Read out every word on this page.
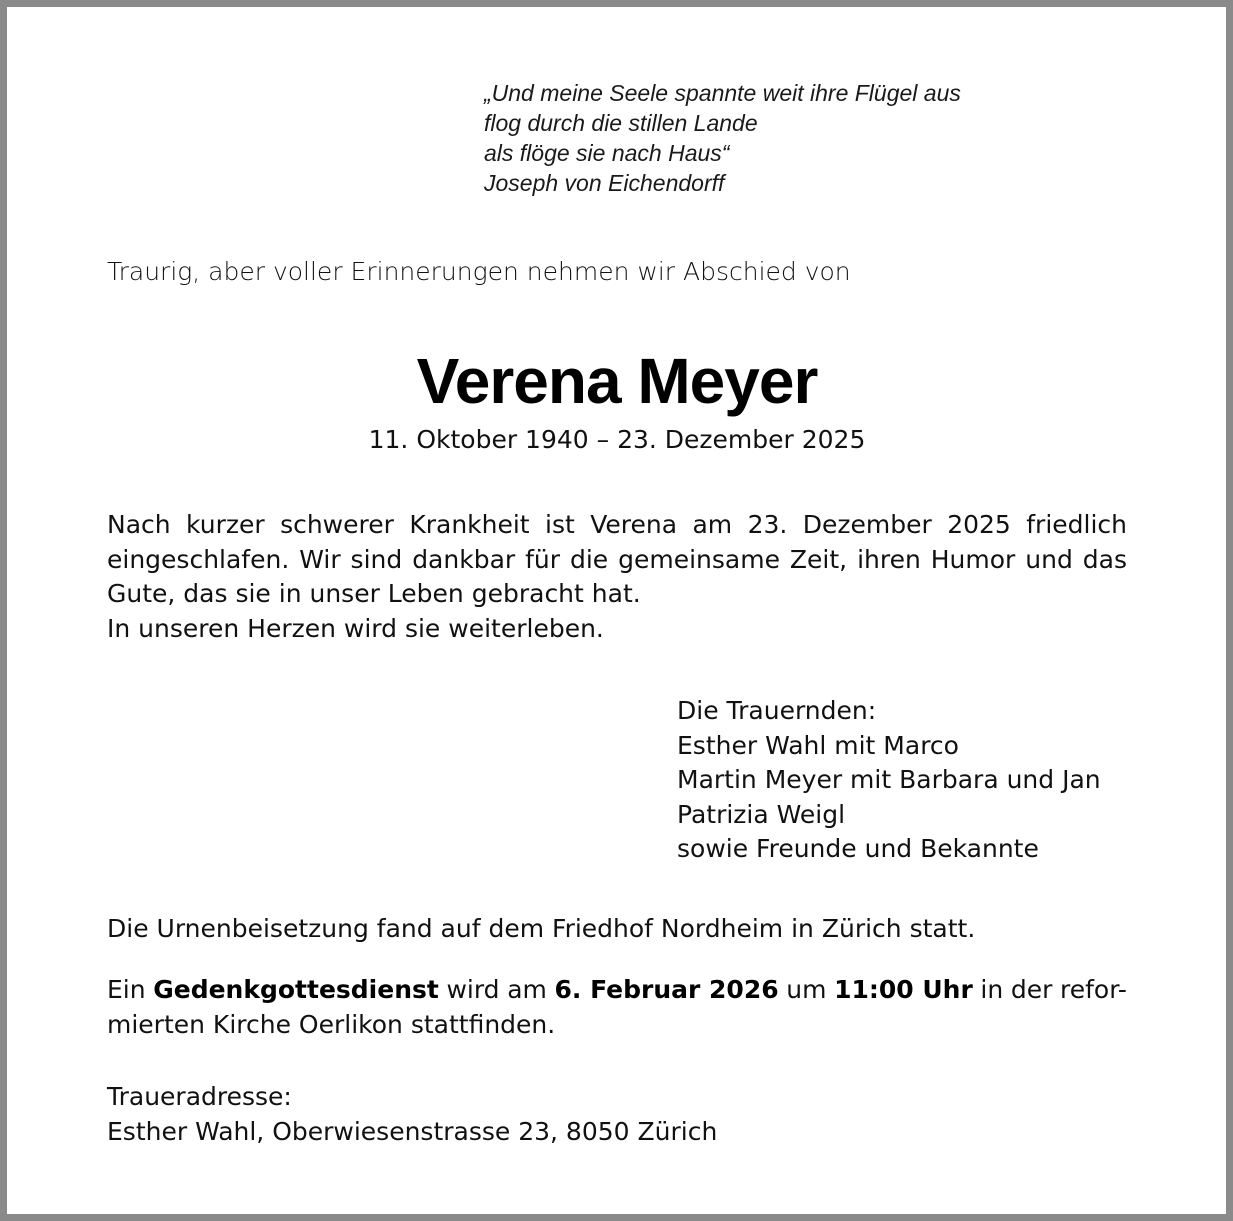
„Und meine Seele spannte weit ihre Flügel aus
flog durch die stillen Lande
als flöge sie nach Haus“
Joseph von Eichendorff
Traurig, aber voller Erinnerungen nehmen wir Abschied von
Verena Meyer
11. Oktober 1940 – 23. Dezember 2025

Nach kurzer schwerer Krankheit ist Verena am 23. Dezember 2025 friedlich eingeschlafen. Wir sind dankbar für die gemeinsame Zeit, ihren Humor und das Gute, das sie in unser Leben gebracht hat.

In unseren Herzen wird sie weiterleben.

Die Trauernden:
Esther Wahl mit Marco
Martin Meyer mit Barbara und Jan
Patrizia Weigl
sowie Freunde und Bekannte
Die Urnenbeisetzung fand auf dem Friedhof Nordheim in Zürich statt.
Ein Gedenkgottesdienst wird am 6. Februar 2026 um 11:00 Uhr in der refor-
mierten Kirche Oerlikon stattfinden.
Traueradresse:
Esther Wahl, Oberwiesenstrasse 23, 8050 Zürich
